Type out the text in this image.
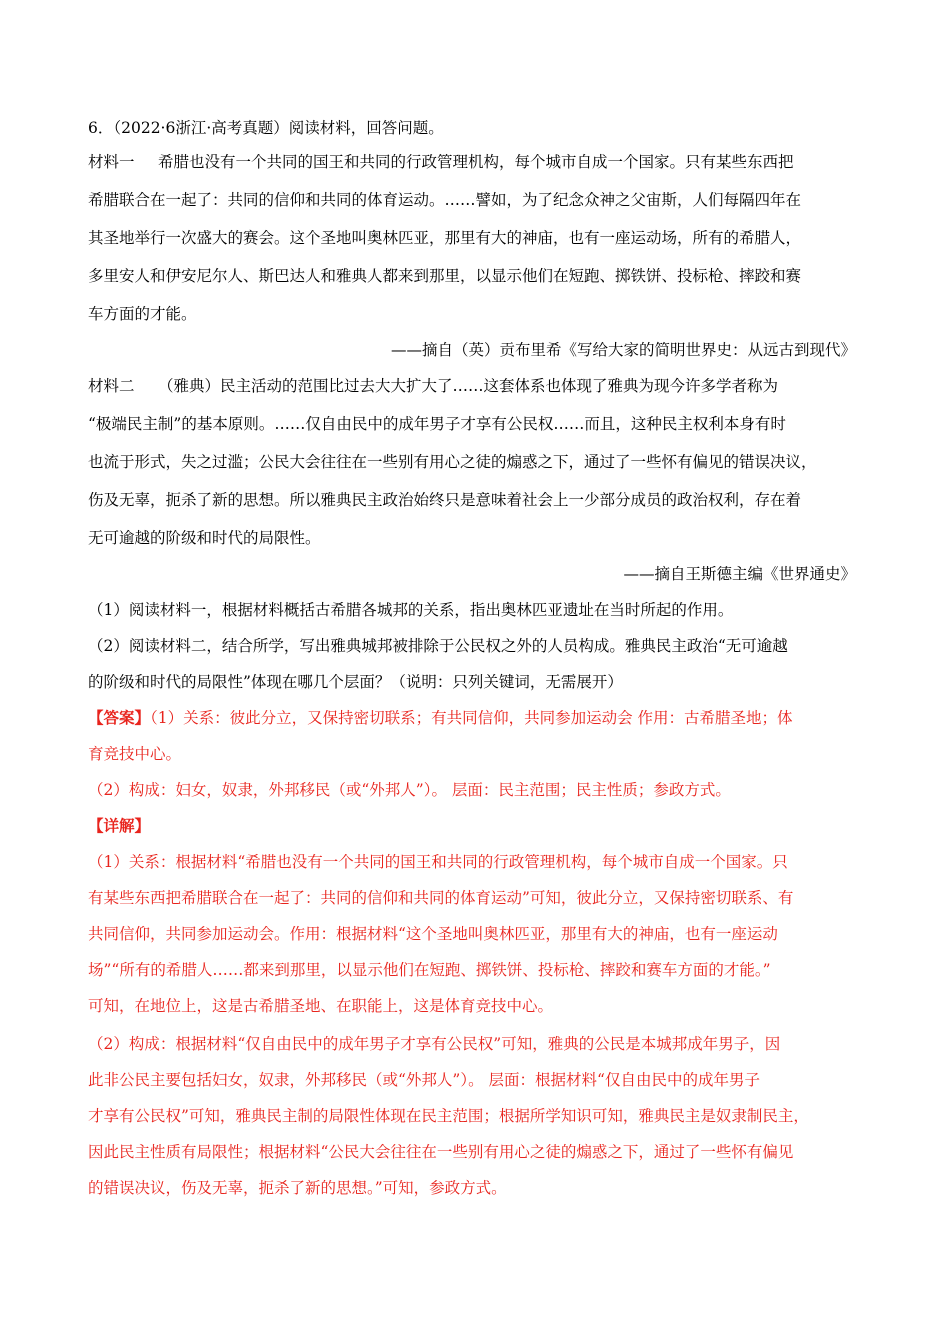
6．（2022·6浙江·高考真题）阅读材料，回答问题。
材料一 希腊也没有一个共同的国王和共同的行政管理机构，每个城市自成一个国家。只有某些东西把
希腊联合在一起了：共同的信仰和共同的体育运动。……譬如，为了纪念众神之父宙斯，人们每隔四年在
其圣地举行一次盛大的赛会。这个圣地叫奥林匹亚，那里有大的神庙，也有一座运动场，所有的希腊人，
多里安人和伊安尼尔人、斯巴达人和雅典人都来到那里，以显示他们在短跑、掷铁饼、投标枪、摔跤和赛
车方面的才能。
——摘自（英）贡布里希《写给大家的简明世界史：从远古到现代》
材料二 （雅典）民主活动的范围比过去大大扩大了……这套体系也体现了雅典为现今许多学者称为
“极端民主制”的基本原则。……仅自由民中的成年男子才享有公民权……而且，这种民主权利本身有时
也流于形式，失之过滥；公民大会往往在一些别有用心之徒的煽惑之下，通过了一些怀有偏见的错误决议，
伤及无辜，扼杀了新的思想。所以雅典民主政治始终只是意味着社会上一少部分成员的政治权利，存在着
无可逾越的阶级和时代的局限性。
——摘自王斯德主编《世界通史》
（1）阅读材料一，根据材料概括古希腊各城邦的关系，指出奥林匹亚遗址在当时所起的作用。
（2）阅读材料二，结合所学，写出雅典城邦被排除于公民权之外的人员构成。雅典民主政治“无可逾越
的阶级和时代的局限性”体现在哪几个层面？（说明：只列关键词，无需展开）
【答案】（1）关系：彼此分立，又保持密切联系；有共同信仰，共同参加运动会 作用：古希腊圣地；体
育竞技中心。
（2）构成：妇女，奴隶，外邦移民（或“外邦人”）。 层面：民主范围；民主性质；参政方式。
【详解】
（1）关系：根据材料“希腊也没有一个共同的国王和共同的行政管理机构，每个城市自成一个国家。只
有某些东西把希腊联合在一起了：共同的信仰和共同的体育运动”可知，彼此分立，又保持密切联系、有
共同信仰，共同参加运动会。作用：根据材料“这个圣地叫奥林匹亚，那里有大的神庙，也有一座运动
场”“所有的希腊人……都来到那里，以显示他们在短跑、掷铁饼、投标枪、摔跤和赛车方面的才能。”
可知，在地位上，这是古希腊圣地、在职能上，这是体育竞技中心。
（2）构成：根据材料“仅自由民中的成年男子才享有公民权”可知，雅典的公民是本城邦成年男子，因
此非公民主要包括妇女，奴隶，外邦移民（或“外邦人”）。 层面：根据材料“仅自由民中的成年男子
才享有公民权”可知，雅典民主制的局限性体现在民主范围；根据所学知识可知，雅典民主是奴隶制民主，
因此民主性质有局限性；根据材料“公民大会往往在一些别有用心之徒的煽惑之下，通过了一些怀有偏见
的错误决议，伤及无辜，扼杀了新的思想。”可知，参政方式。
